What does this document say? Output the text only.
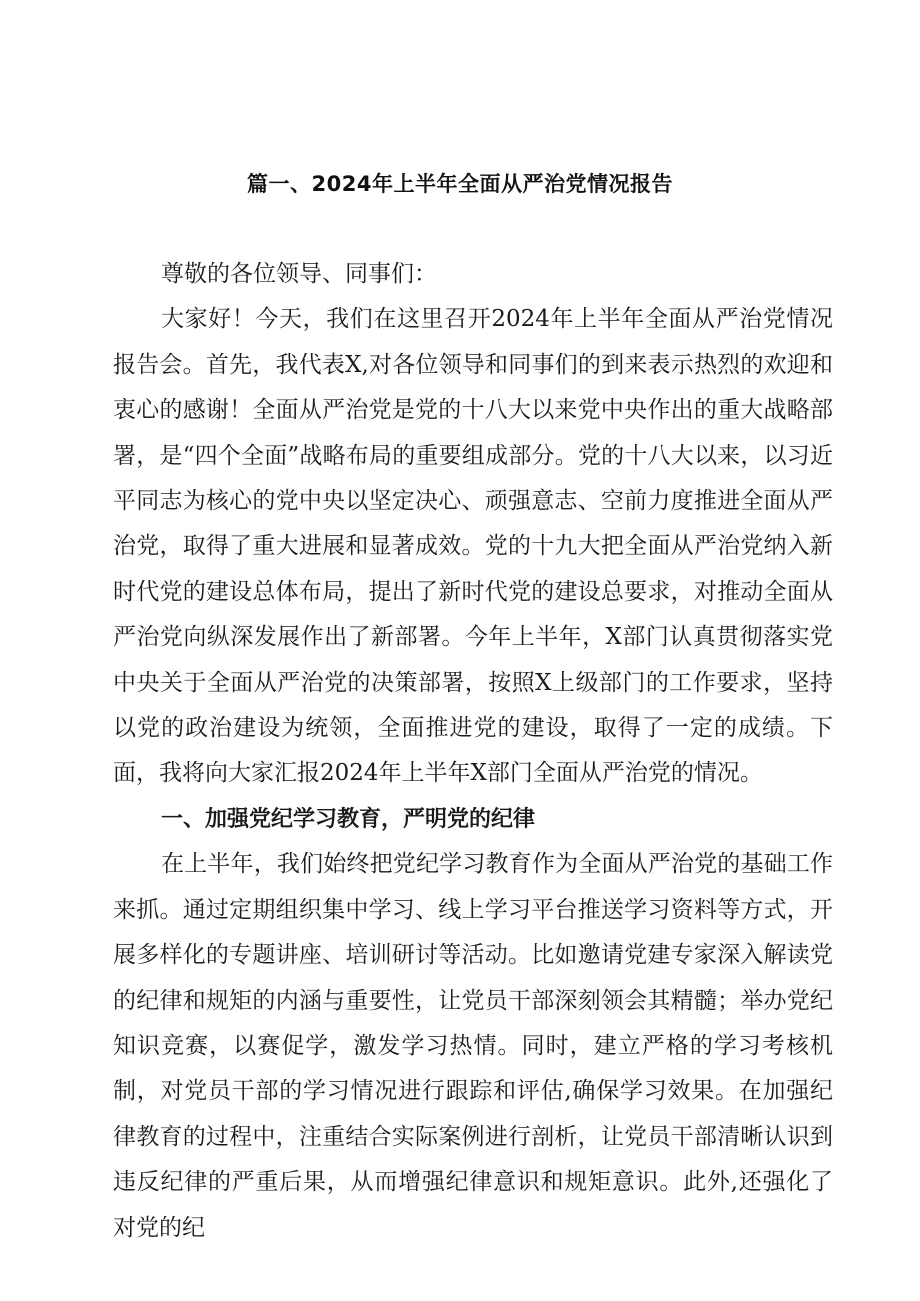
篇一、2024年上半年全面从严治党情况报告

尊敬的各位领导、同事们：

大家好！今天，我们在这里召开2024年上半年全面从严治党情况报告会。首先，我代表X,对各位领导和同事们的到来表示热烈的欢迎和衷心的感谢！全面从严治党是党的十八大以来党中央作出的重大战略部署，是“四个全面”战略布局的重要组成部分。党的十八大以来，以习近平同志为核心的党中央以坚定决心、顽强意志、空前力度推进全面从严治党，取得了重大进展和显著成效。党的十九大把全面从严治党纳入新时代党的建设总体布局，提出了新时代党的建设总要求，对推动全面从严治党向纵深发展作出了新部署。今年上半年，X部门认真贯彻落实党中央关于全面从严治党的决策部署，按照X上级部门的工作要求，坚持以党的政治建设为统领，全面推进党的建设，取得了一定的成绩。下面，我将向大家汇报2024年上半年X部门全面从严治党的情况。

一、加强党纪学习教育，严明党的纪律

在上半年，我们始终把党纪学习教育作为全面从严治党的基础工作来抓。通过定期组织集中学习、线上学习平台推送学习资料等方式，开展多样化的专题讲座、培训研讨等活动。比如邀请党建专家深入解读党的纪律和规矩的内涵与重要性，让党员干部深刻领会其精髓；举办党纪知识竞赛，以赛促学，激发学习热情。同时，建立严格的学习考核机制，对党员干部的学习情况进行跟踪和评估,确保学习效果。在加强纪律教育的过程中，注重结合实际案例进行剖析，让党员干部清晰认识到违反纪律的严重后果，从而增强纪律意识和规矩意识。此外,还强化了对党的纪
